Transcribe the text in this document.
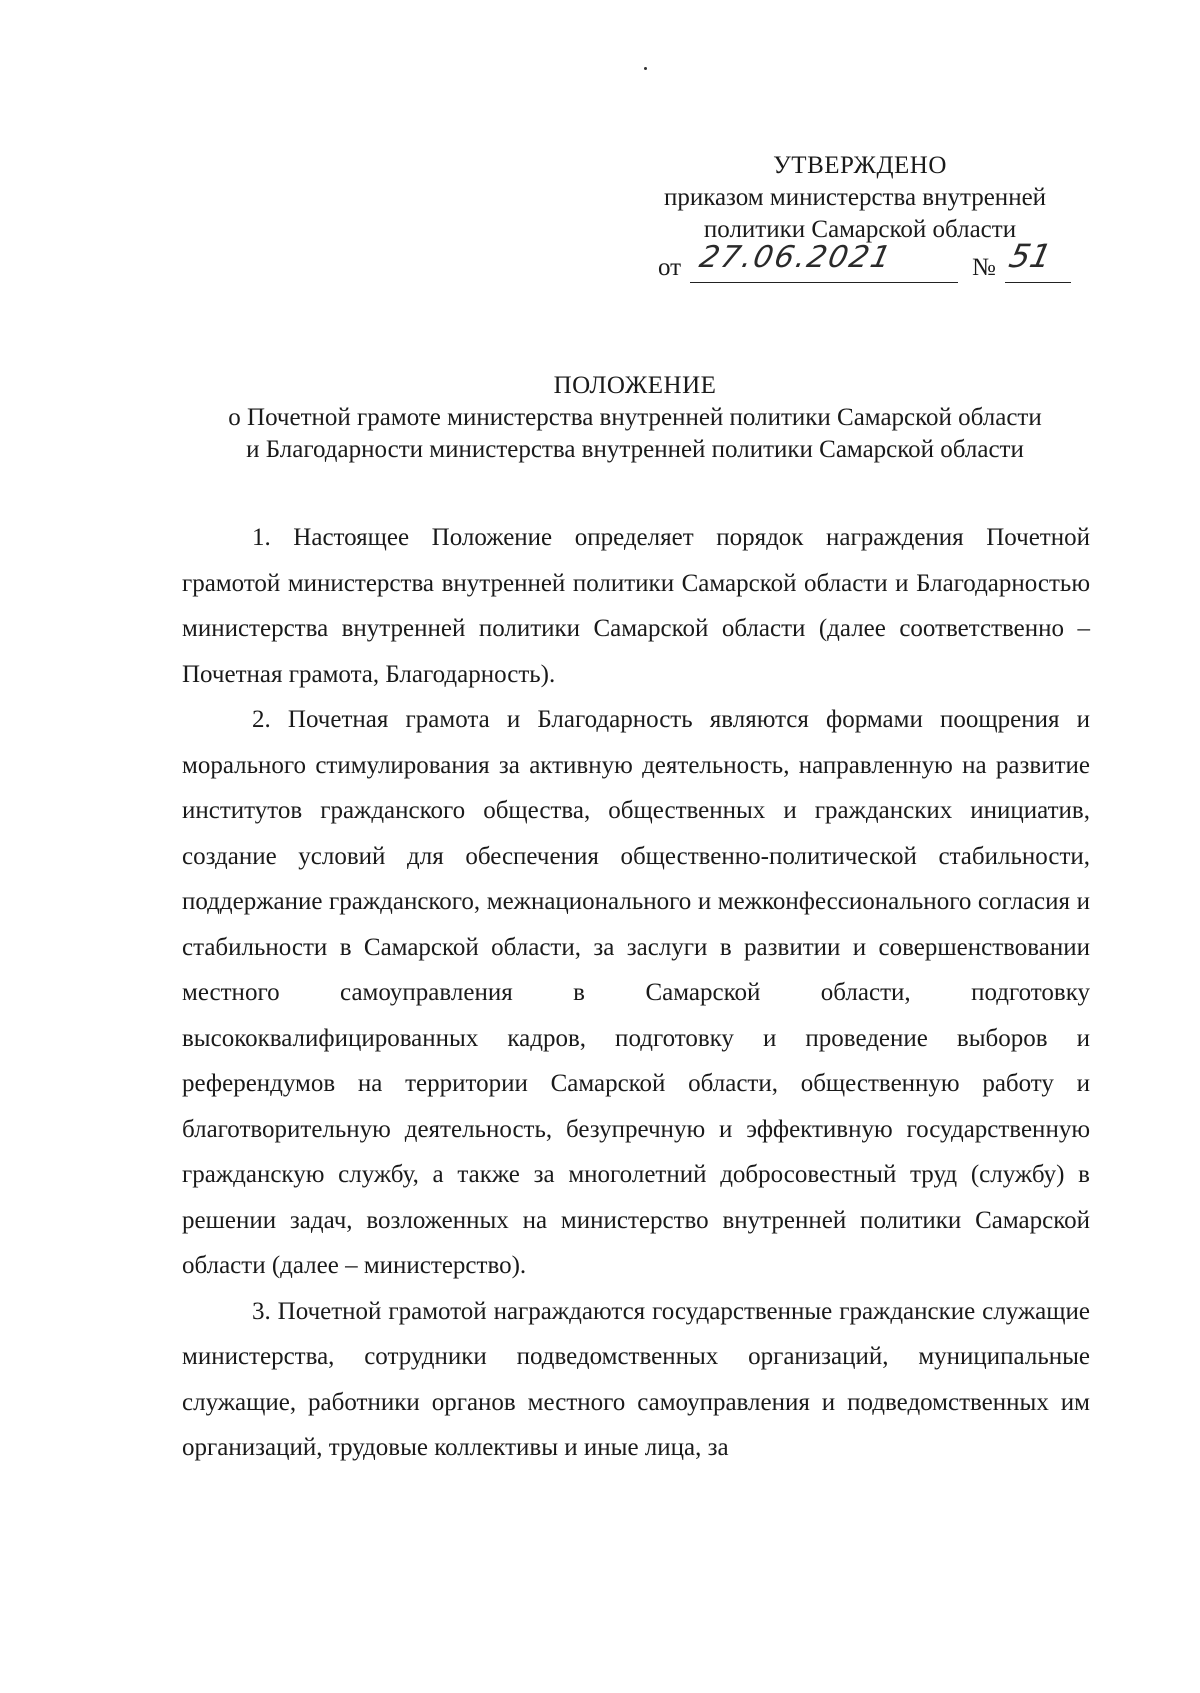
УТВЕРЖДЕНО
приказом министерства внутренней
политики Самарской области
от 27.06.2021	№ 51
ПОЛОЖЕНИЕ
о Почетной грамоте министерства внутренней политики Самарской области
и Благодарности министерства внутренней политики Самарской области

1. Настоящее Положение определяет порядок награждения Почетной грамотой министерства внутренней политики Самарской области и Благодарностью министерства внутренней политики Самарской области (далее соответственно – Почетная грамота, Благодарность).

2. Почетная грамота и Благодарность являются формами поощрения и морального стимулирования за активную деятельность, направленную на развитие институтов гражданского общества, общественных и гражданских инициатив, создание условий для обеспечения общественно-политической стабильности, поддержание гражданского, межнационального и межконфессионального согласия и стабильности в Самарской области, за заслуги в развитии и совершенствовании местного самоуправления в Самарской области, подготовку высококвалифицированных кадров, подготовку и проведение выборов и референдумов на территории Самарской области, общественную работу и благотворительную деятельность, безупречную и эффективную государственную гражданскую службу, а также за многолетний добросовестный труд (службу) в решении задач, возложенных на министерство внутренней политики Самарской области (далее – министерство).

3. Почетной грамотой награждаются государственные гражданские служащие министерства, сотрудники подведомственных организаций, муниципальные служащие, работники органов местного самоуправления и подведомственных им организаций, трудовые коллективы и иные лица, за
